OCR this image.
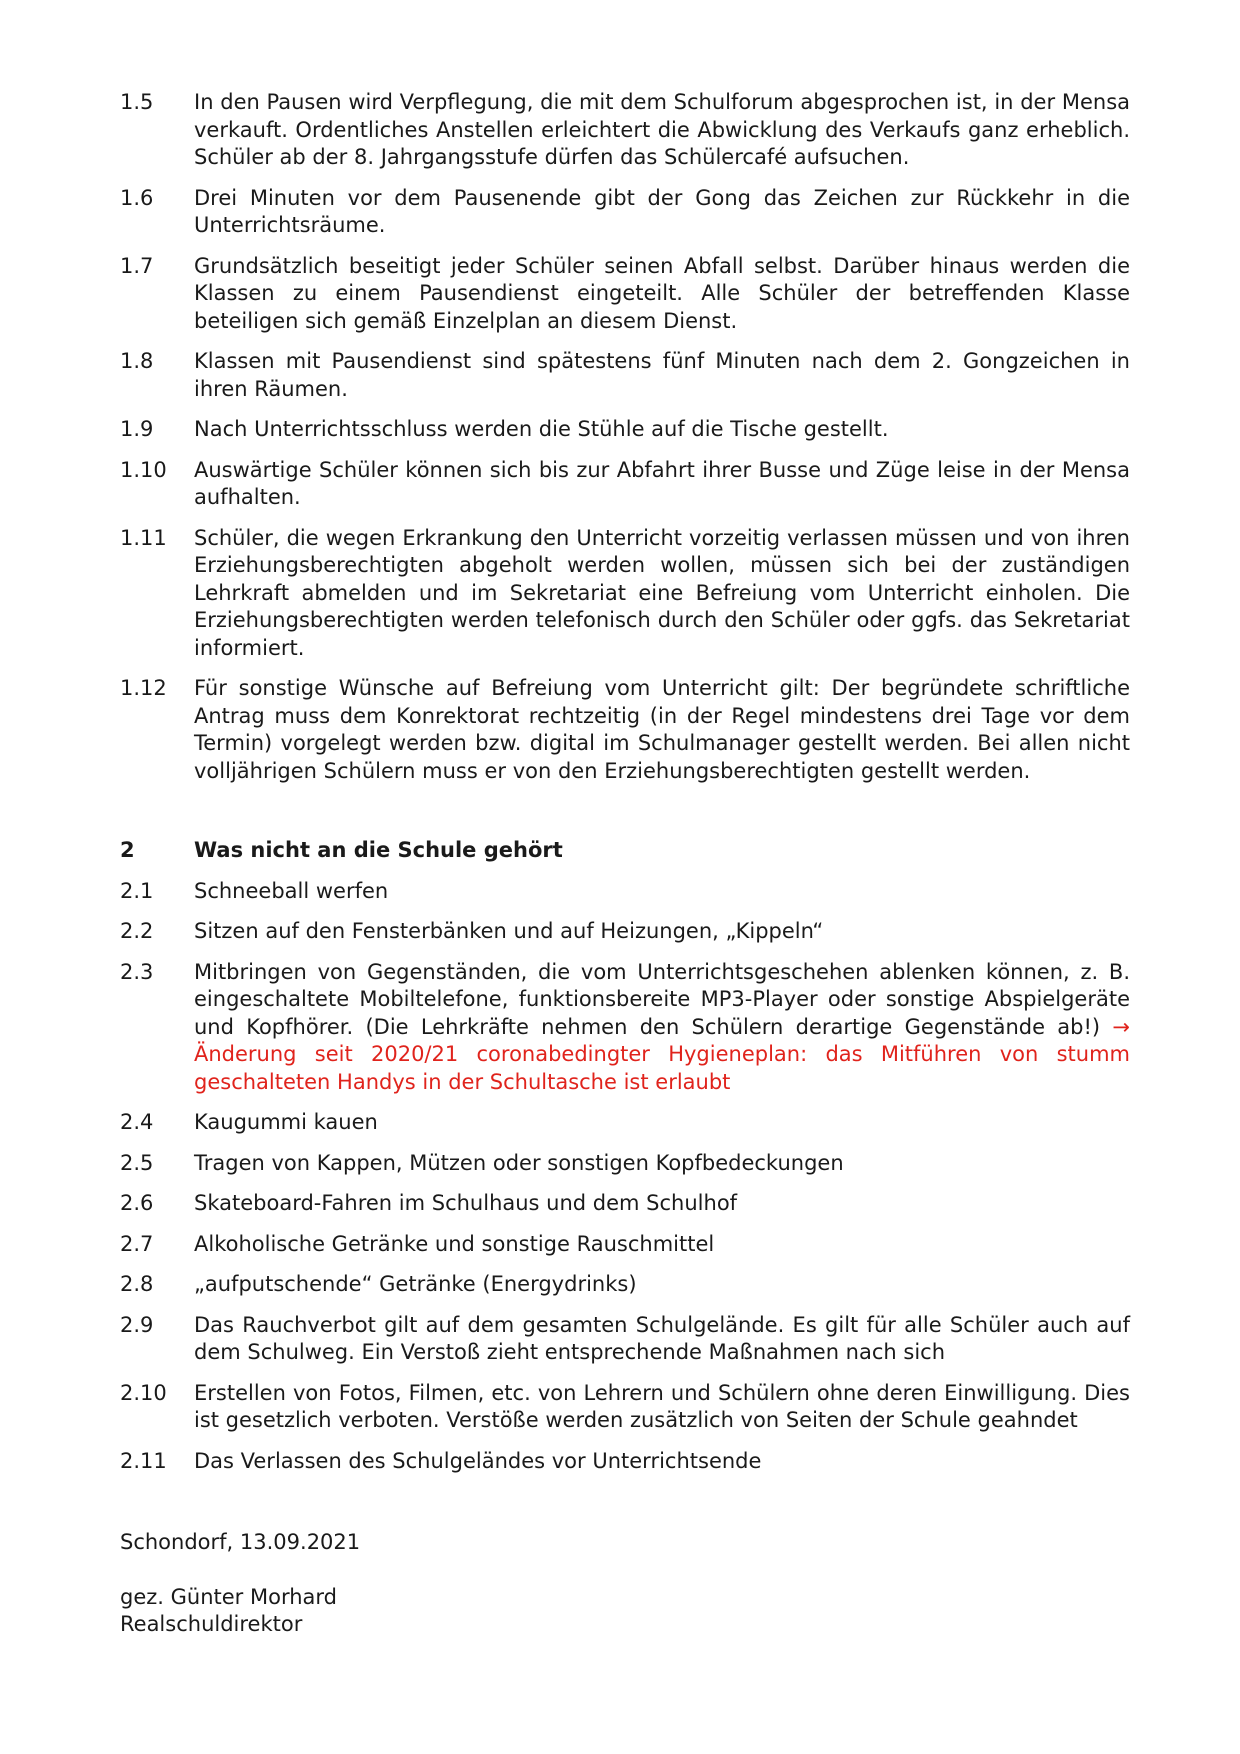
1.5	In den Pausen wird Verpflegung, die mit dem Schulforum abgesprochen ist, in der Mensa verkauft. Ordentliches Anstellen erleichtert die Abwicklung des Verkaufs ganz erheblich. Schüler ab der 8. Jahrgangsstufe dürfen das Schülercafé aufsuchen.
1.6	Drei Minuten vor dem Pausenende gibt der Gong das Zeichen zur Rückkehr in die Unterrichtsräume.
1.7	Grundsätzlich beseitigt jeder Schüler seinen Abfall selbst. Darüber hinaus werden die Klassen zu einem Pausendienst eingeteilt. Alle Schüler der betreffenden Klasse beteiligen sich gemäß Einzelplan an diesem Dienst.
1.8	Klassen mit Pausendienst sind spätestens fünf Minuten nach dem 2. Gongzeichen in ihren Räumen.
1.9	Nach Unterrichtsschluss werden die Stühle auf die Tische gestellt.
1.10	Auswärtige Schüler können sich bis zur Abfahrt ihrer Busse und Züge leise in der Mensa aufhalten.
1.11	Schüler, die wegen Erkrankung den Unterricht vorzeitig verlassen müssen und von ihren Erziehungsberechtigten abgeholt werden wollen, müssen sich bei der zuständigen Lehrkraft abmelden und im Sekretariat eine Befreiung vom Unterricht einholen. Die Erziehungsberechtigten werden telefonisch durch den Schüler oder ggfs. das Sekretariat informiert.
1.12	Für sonstige Wünsche auf Befreiung vom Unterricht gilt: Der begründete schriftliche Antrag muss dem Konrektorat rechtzeitig (in der Regel mindestens drei Tage vor dem Termin) vorgelegt werden bzw. digital im Schulmanager gestellt werden. Bei allen nicht volljährigen Schülern muss er von den Erziehungsberechtigten gestellt werden.
2	Was nicht an die Schule gehört
2.1	Schneeball werfen
2.2	Sitzen auf den Fensterbänken und auf Heizungen, „Kippeln“
2.3	Mitbringen von Gegenständen, die vom Unterrichtsgeschehen ablenken können, z. B. eingeschaltete Mobiltelefone, funktionsbereite MP3-Player oder sonstige Abspielgeräte und Kopfhörer. (Die Lehrkräfte nehmen den Schülern derartige Gegenstände ab!) → Änderung seit 2020/21 coronabedingter Hygieneplan: das Mitführen von stumm geschalteten Handys in der Schultasche ist erlaubt
2.4	Kaugummi kauen
2.5	Tragen von Kappen, Mützen oder sonstigen Kopfbedeckungen
2.6	Skateboard-Fahren im Schulhaus und dem Schulhof
2.7	Alkoholische Getränke und sonstige Rauschmittel
2.8	„aufputschende“ Getränke (Energydrinks)
2.9	Das Rauchverbot gilt auf dem gesamten Schulgelände. Es gilt für alle Schüler auch auf dem Schulweg. Ein Verstoß zieht entsprechende Maßnahmen nach sich
2.10	Erstellen von Fotos, Filmen, etc. von Lehrern und Schülern ohne deren Einwilligung. Dies ist gesetzlich verboten. Verstöße werden zusätzlich von Seiten der Schule geahndet
2.11	Das Verlassen des Schulgeländes vor Unterrichtsende
Schondorf, 13.09.2021
gez. Günter Morhard
Realschuldirektor
